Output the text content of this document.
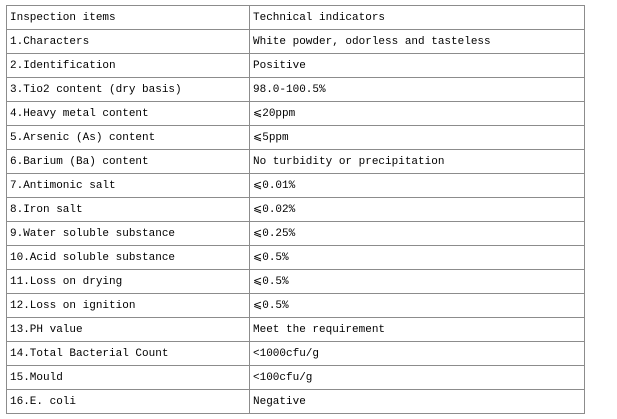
Inspection items	Technical indicators
1.Characters	White powder, odorless and tasteless
2.Identification	Positive
3.Tio2 content (dry basis)	98.0-100.5%
4.Heavy metal content	⩽20ppm
5.Arsenic (As) content	⩽5ppm
6.Barium (Ba) content	No turbidity or precipitation
7.Antimonic salt	⩽0.01%
8.Iron salt	⩽0.02%
9.Water soluble substance	⩽0.25%
10.Acid soluble substance	⩽0.5%
11.Loss on drying	⩽0.5%
12.Loss on ignition	⩽0.5%
13.PH value	Meet the requirement
14.Total Bacterial Count	<1000cfu/g
15.Mould	<100cfu/g
16.E. coli	Negative
